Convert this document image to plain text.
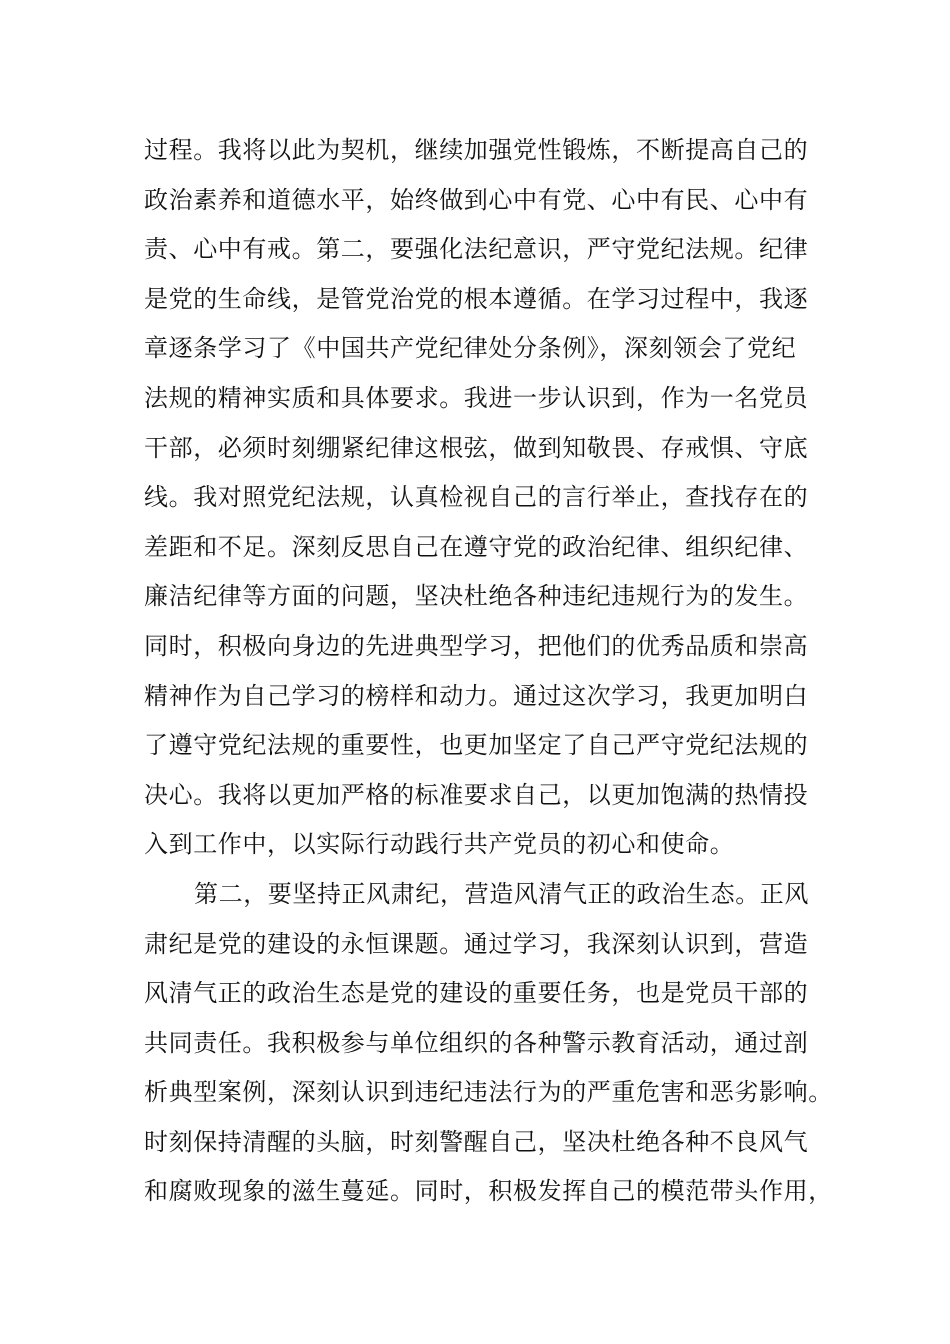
过程。我将以此为契机，继续加强党性锻炼，不断提高自己的
政治素养和道德水平，始终做到心中有党、心中有民、心中有
责、心中有戒。第二，要强化法纪意识，严守党纪法规。纪律
是党的生命线，是管党治党的根本遵循。在学习过程中，我逐
章逐条学习了《中国共产党纪律处分条例》，深刻领会了党纪
法规的精神实质和具体要求。我进一步认识到，作为一名党员
干部，必须时刻绷紧纪律这根弦，做到知敬畏、存戒惧、守底
线。我对照党纪法规，认真检视自己的言行举止，查找存在的
差距和不足。深刻反思自己在遵守党的政治纪律、组织纪律、
廉洁纪律等方面的问题，坚决杜绝各种违纪违规行为的发生。
同时，积极向身边的先进典型学习，把他们的优秀品质和崇高
精神作为自己学习的榜样和动力。通过这次学习，我更加明白
了遵守党纪法规的重要性，也更加坚定了自己严守党纪法规的
决心。我将以更加严格的标准要求自己，以更加饱满的热情投
入到工作中，以实际行动践行共产党员的初心和使命。
第二，要坚持正风肃纪，营造风清气正的政治生态。正风
肃纪是党的建设的永恒课题。通过学习，我深刻认识到，营造
风清气正的政治生态是党的建设的重要任务，也是党员干部的
共同责任。我积极参与单位组织的各种警示教育活动，通过剖
析典型案例，深刻认识到违纪违法行为的严重危害和恶劣影响。
时刻保持清醒的头脑，时刻警醒自己，坚决杜绝各种不良风气
和腐败现象的滋生蔓延。同时，积极发挥自己的模范带头作用，
